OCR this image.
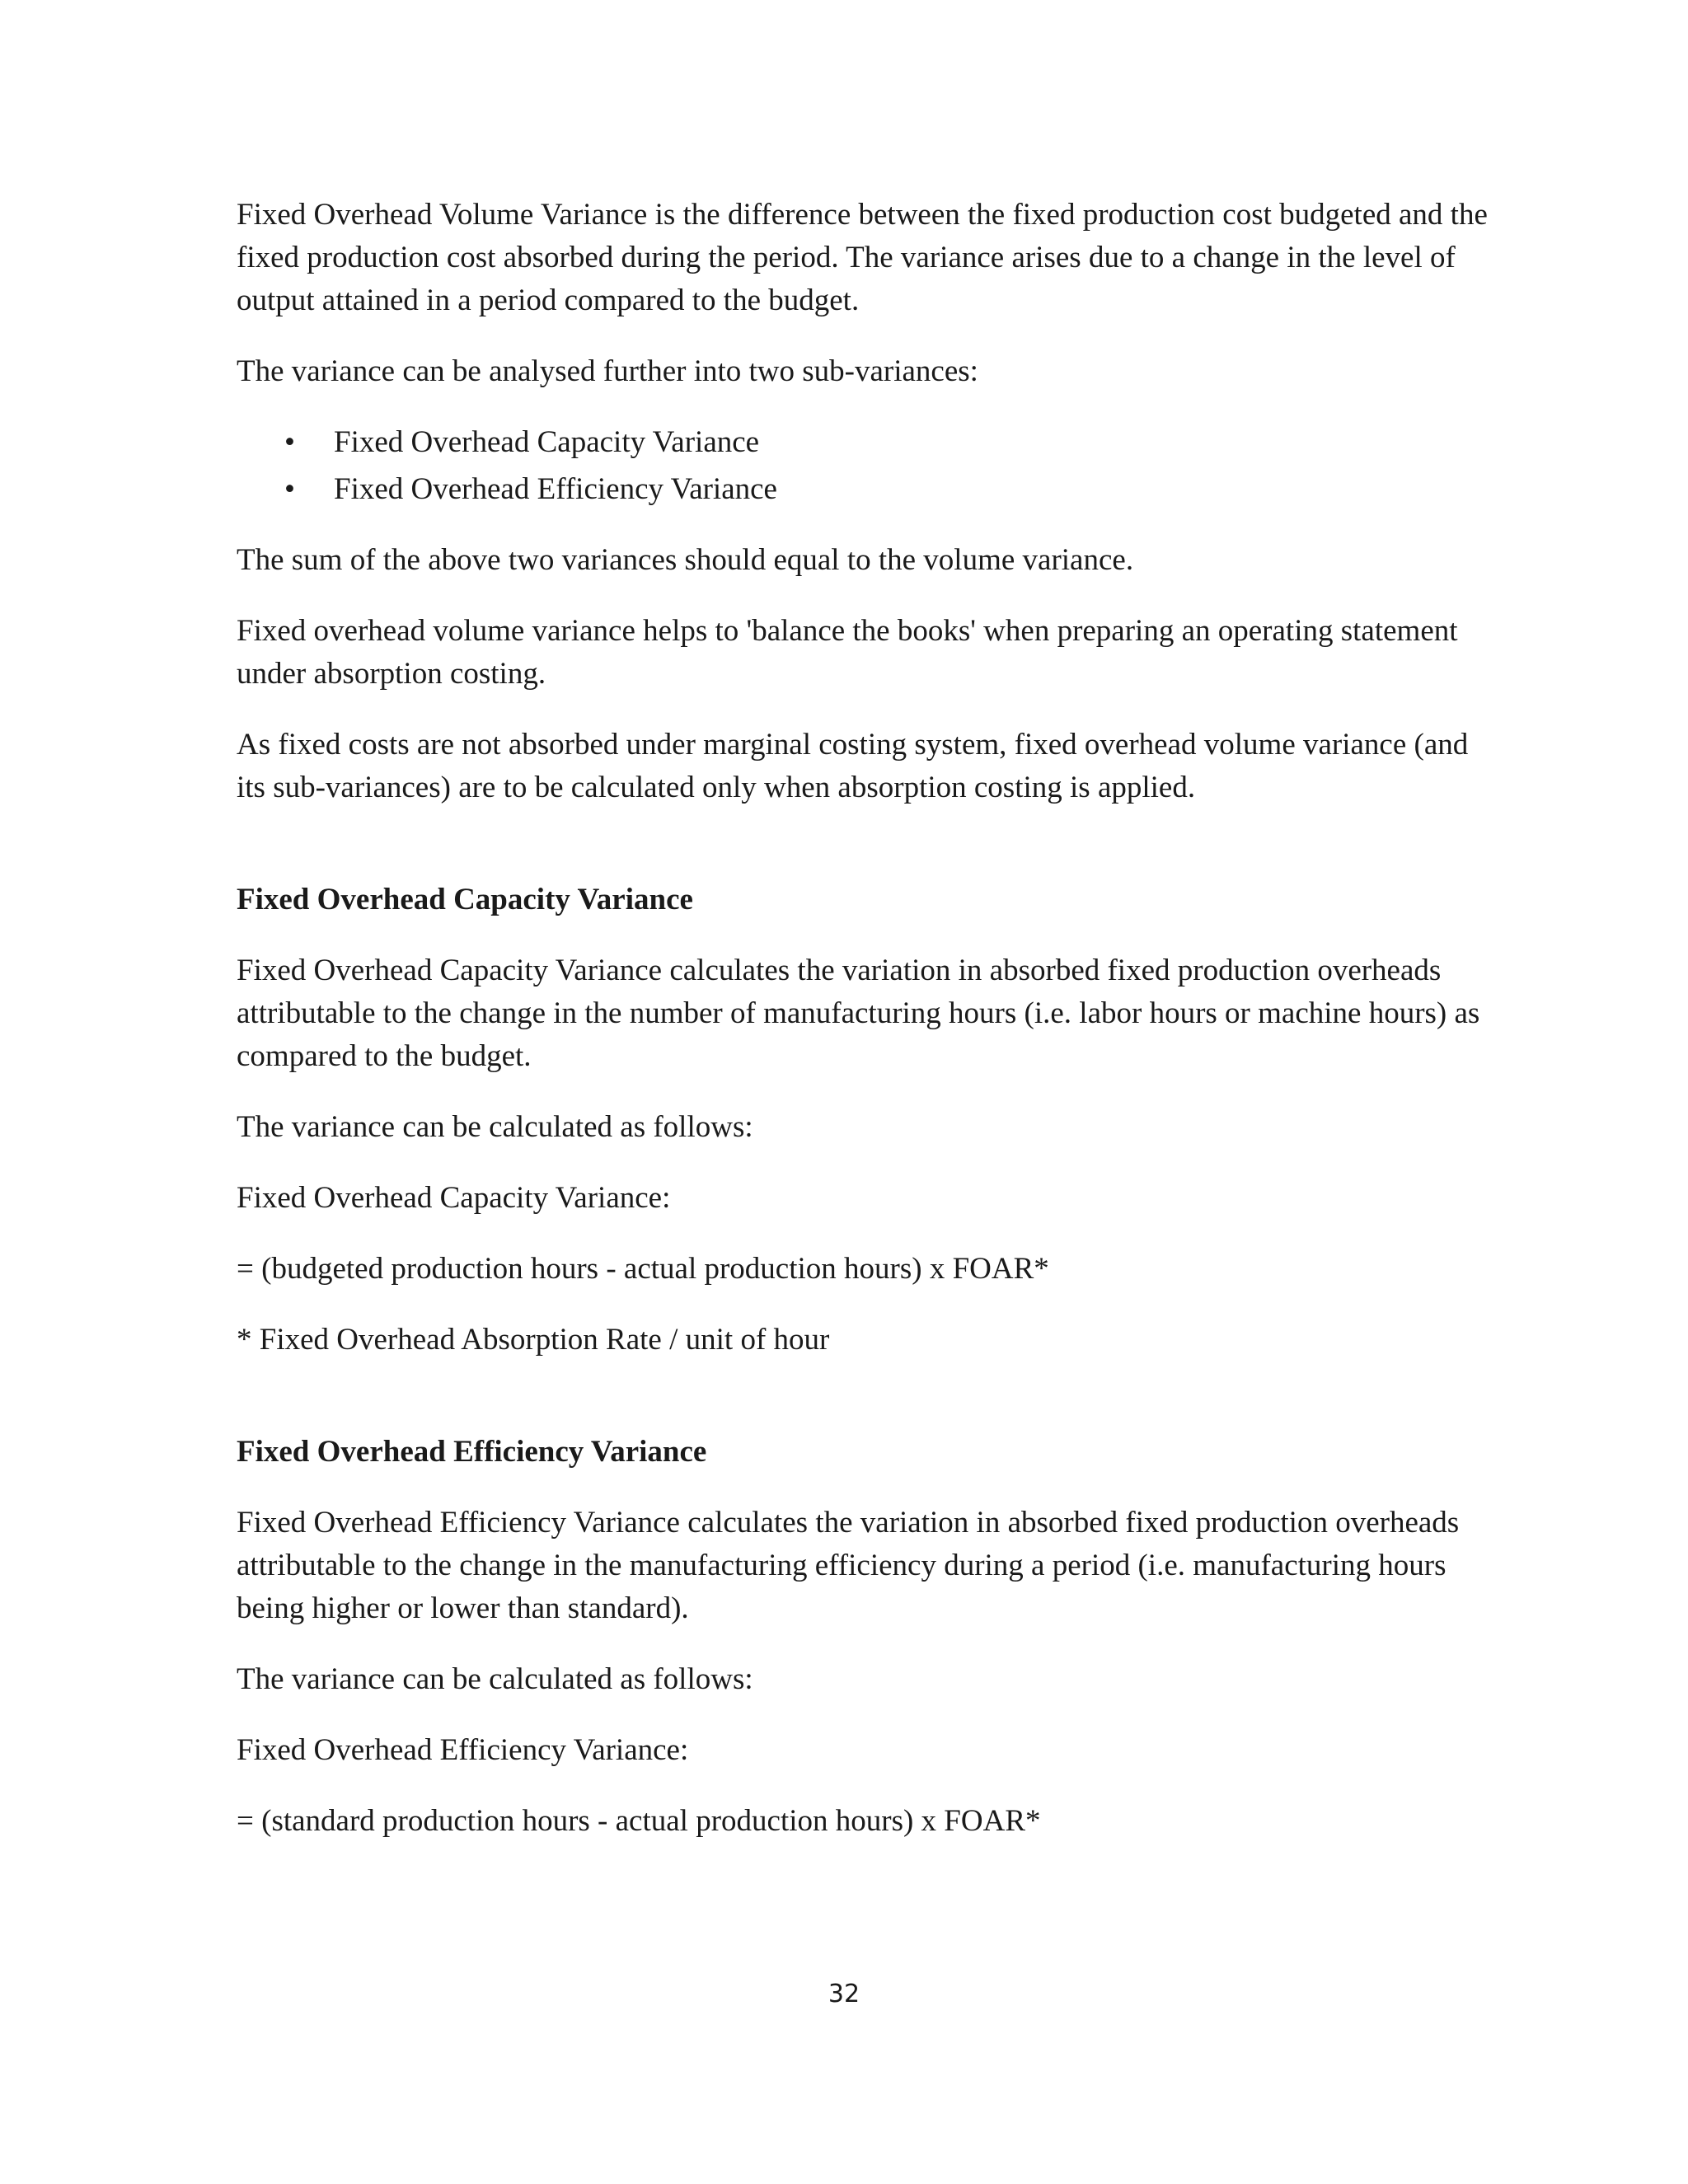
Fixed Overhead Volume Variance is the difference between the fixed production cost budgeted and the fixed production cost absorbed during the period. The variance arises due to a change in the level of output attained in a period compared to the budget.

The variance can be analysed further into two sub-variances:

• Fixed Overhead Capacity Variance
• Fixed Overhead Efficiency Variance

The sum of the above two variances should equal to the volume variance.

Fixed overhead volume variance helps to 'balance the books' when preparing an operating statement under absorption costing.

As fixed costs are not absorbed under marginal costing system, fixed overhead volume variance (and its sub-variances) are to be calculated only when absorption costing is applied.

Fixed Overhead Capacity Variance

Fixed Overhead Capacity Variance calculates the variation in absorbed fixed production overheads attributable to the change in the number of manufacturing hours (i.e. labor hours or machine hours) as compared to the budget.

The variance can be calculated as follows:

Fixed Overhead Capacity Variance:

= (budgeted production hours - actual production hours) x FOAR*

* Fixed Overhead Absorption Rate / unit of hour

Fixed Overhead Efficiency Variance

Fixed Overhead Efficiency Variance calculates the variation in absorbed fixed production overheads attributable to the change in the manufacturing efficiency during a period (i.e. manufacturing hours being higher or lower than standard).

The variance can be calculated as follows:

Fixed Overhead Efficiency Variance:

= (standard production hours - actual production hours) x FOAR*

32
